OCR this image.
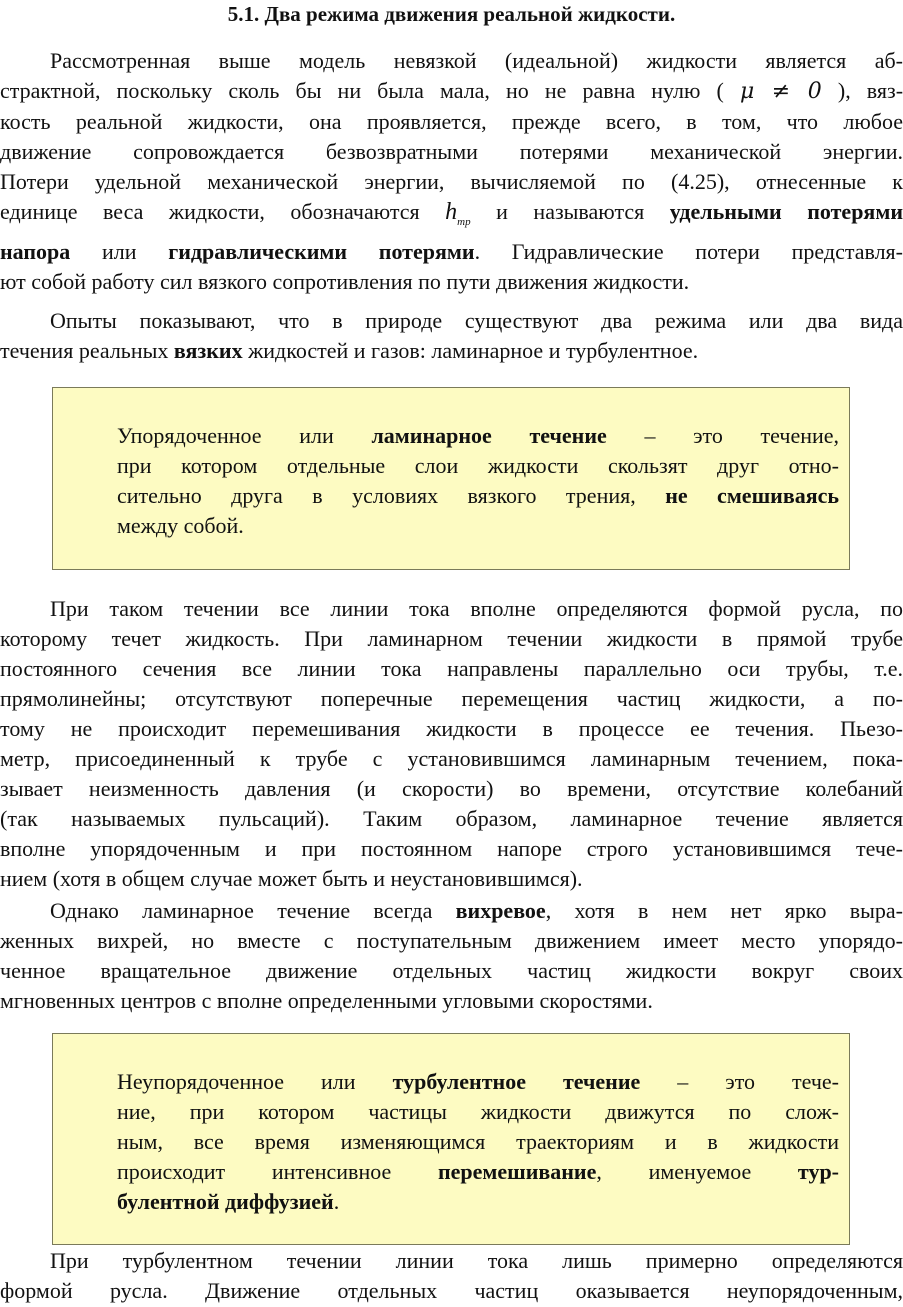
5.1. Два режима движения реальной жидкости.
Рассмотренная выше модель невязкой (идеальной) жидкости является аб-
страктной, поскольку сколь бы ни была мала, но не равна нулю ( μ ≠ 0 ), вяз-
кость реальной жидкости, она проявляется, прежде всего, в том, что любое
движение сопровождается безвозвратными потерями механической энергии.
Потери удельной механической энергии, вычисляемой по (4.25), отнесенные к
единице веса жидкости, обозначаются $h_{тр}$ и называются удельными потерями
напора или гидравлическими потерями. Гидравлические потери представля-
ют собой работу сил вязкого сопротивления по пути движения жидкости.
Опыты показывают, что в природе существуют два режима или два вида
течения реальных вязких жидкостей и газов: ламинарное и турбулентное.
Упорядоченное или ламинарное течение – это течение,
при котором отдельные слои жидкости скользят друг отно-
сительно друга в условиях вязкого трения, не смешиваясь
между собой.
При таком течении все линии тока вполне определяются формой русла, по
которому течет жидкость. При ламинарном течении жидкости в прямой трубе
постоянного сечения все линии тока направлены параллельно оси трубы, т.е.
прямолинейны; отсутствуют поперечные перемещения частиц жидкости, а по-
тому не происходит перемешивания жидкости в процессе ее течения. Пьезо-
метр, присоединенный к трубе с установившимся ламинарным течением, пока-
зывает неизменность давления (и скорости) во времени, отсутствие колебаний
(так называемых пульсаций). Таким образом, ламинарное течение является
вполне упорядоченным и при постоянном напоре строго установившимся тече-
нием (хотя в общем случае может быть и неустановившимся).
Однако ламинарное течение всегда вихревое, хотя в нем нет ярко выра-
женных вихрей, но вместе с поступательным движением имеет место упорядо-
ченное вращательное движение отдельных частиц жидкости вокруг своих
мгновенных центров с вполне определенными угловыми скоростями.
Неупорядоченное или турбулентное течение – это тече-
ние, при котором частицы жидкости движутся по слож-
ным, все время изменяющимся траекториям и в жидкости
происходит интенсивное перемешивание, именуемое тур-
булентной диффузией.
При турбулентном течении линии тока лишь примерно определяются
формой русла. Движение отдельных частиц оказывается неупорядоченным,
